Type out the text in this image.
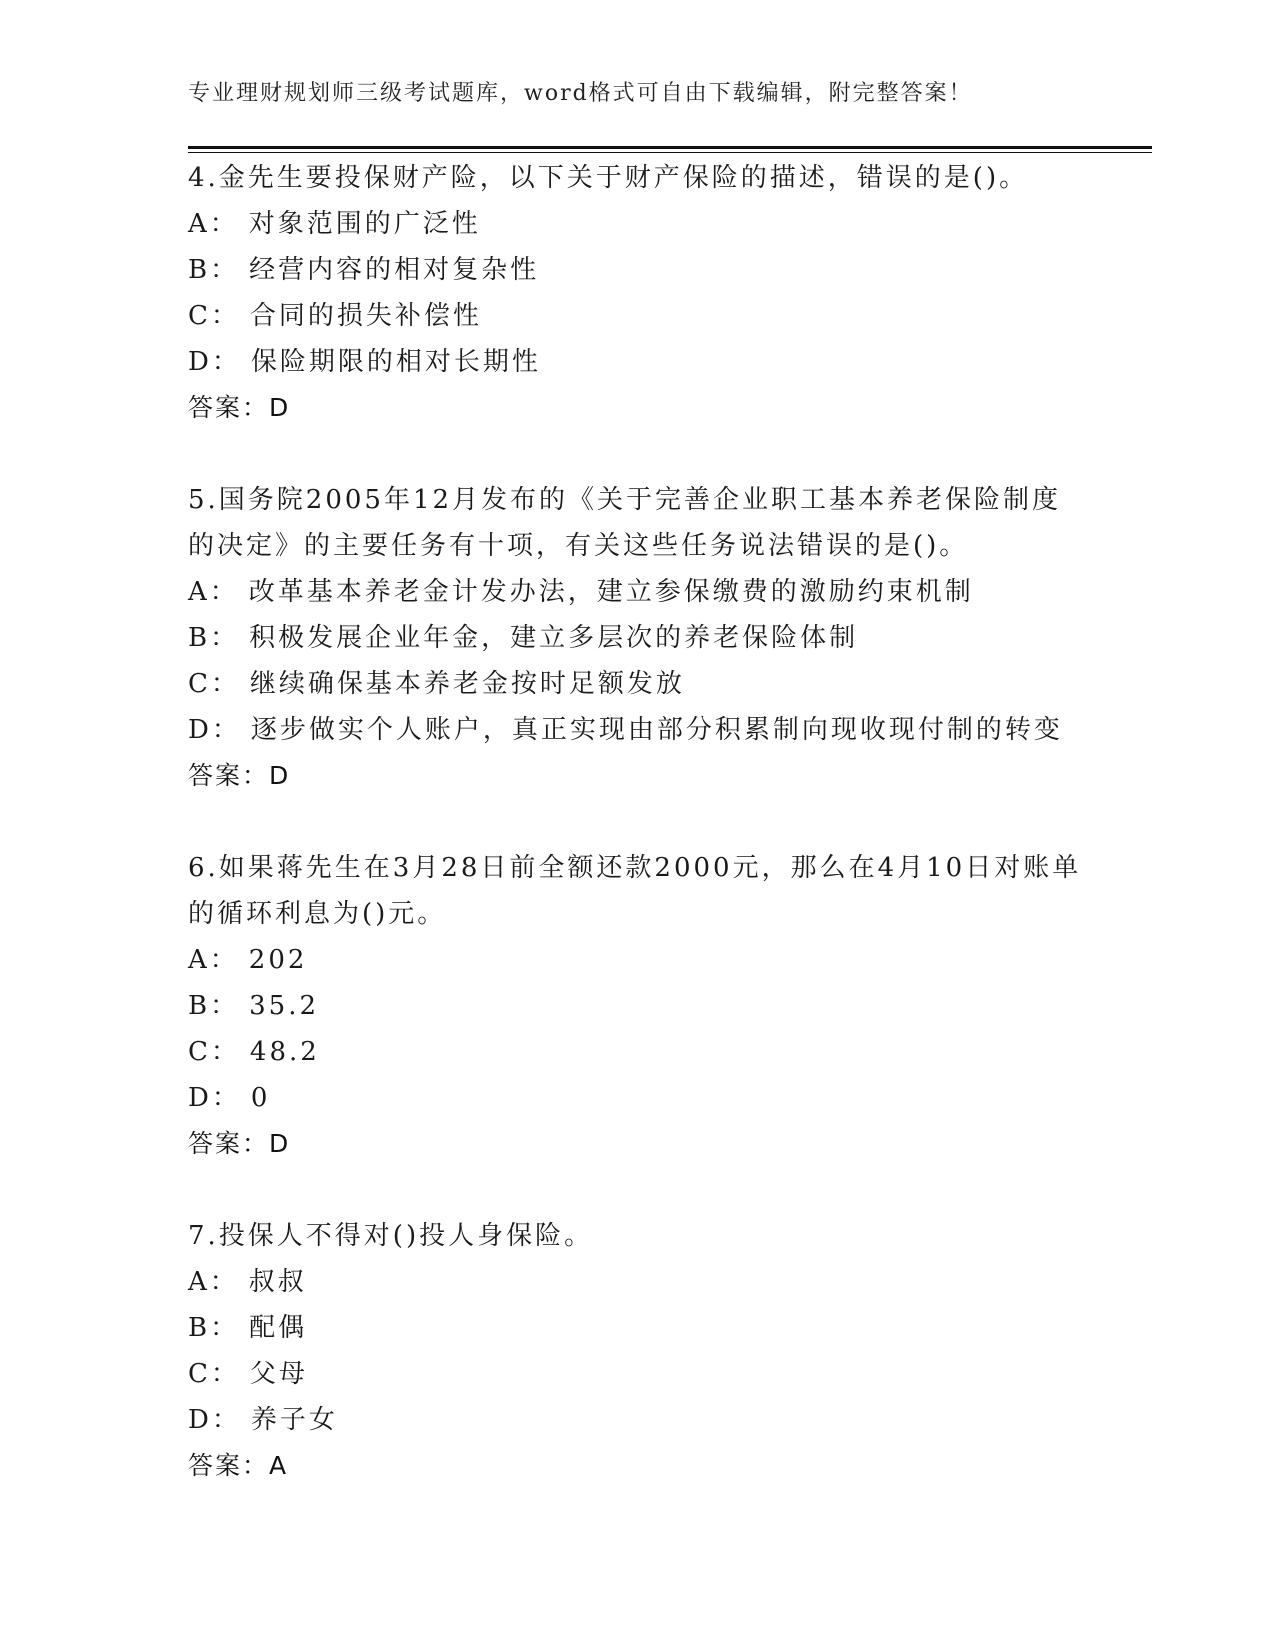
专业理财规划师三级考试题库，word格式可自由下载编辑，附完整答案！

4.金先生要投保财产险，以下关于财产保险的描述，错误的是()。

A： 对象范围的广泛性

B： 经营内容的相对复杂性

C： 合同的损失补偿性

D： 保险期限的相对长期性

答案：D

5.国务院2005年12月发布的《关于完善企业职工基本养老保险制度的决定》的主要任务有十项，有关这些任务说法错误的是()。

A： 改革基本养老金计发办法，建立参保缴费的激励约束机制

B： 积极发展企业年金，建立多层次的养老保险体制

C： 继续确保基本养老金按时足额发放

D： 逐步做实个人账户，真正实现由部分积累制向现收现付制的转变

答案：D

6.如果蒋先生在3月28日前全额还款2000元，那么在4月10日对账单的循环利息为()元。

A： 202

B： 35.2

C： 48.2

D： 0

答案：D

7.投保人不得对()投人身保险。

A： 叔叔

B： 配偶

C： 父母

D： 养子女

答案：A
